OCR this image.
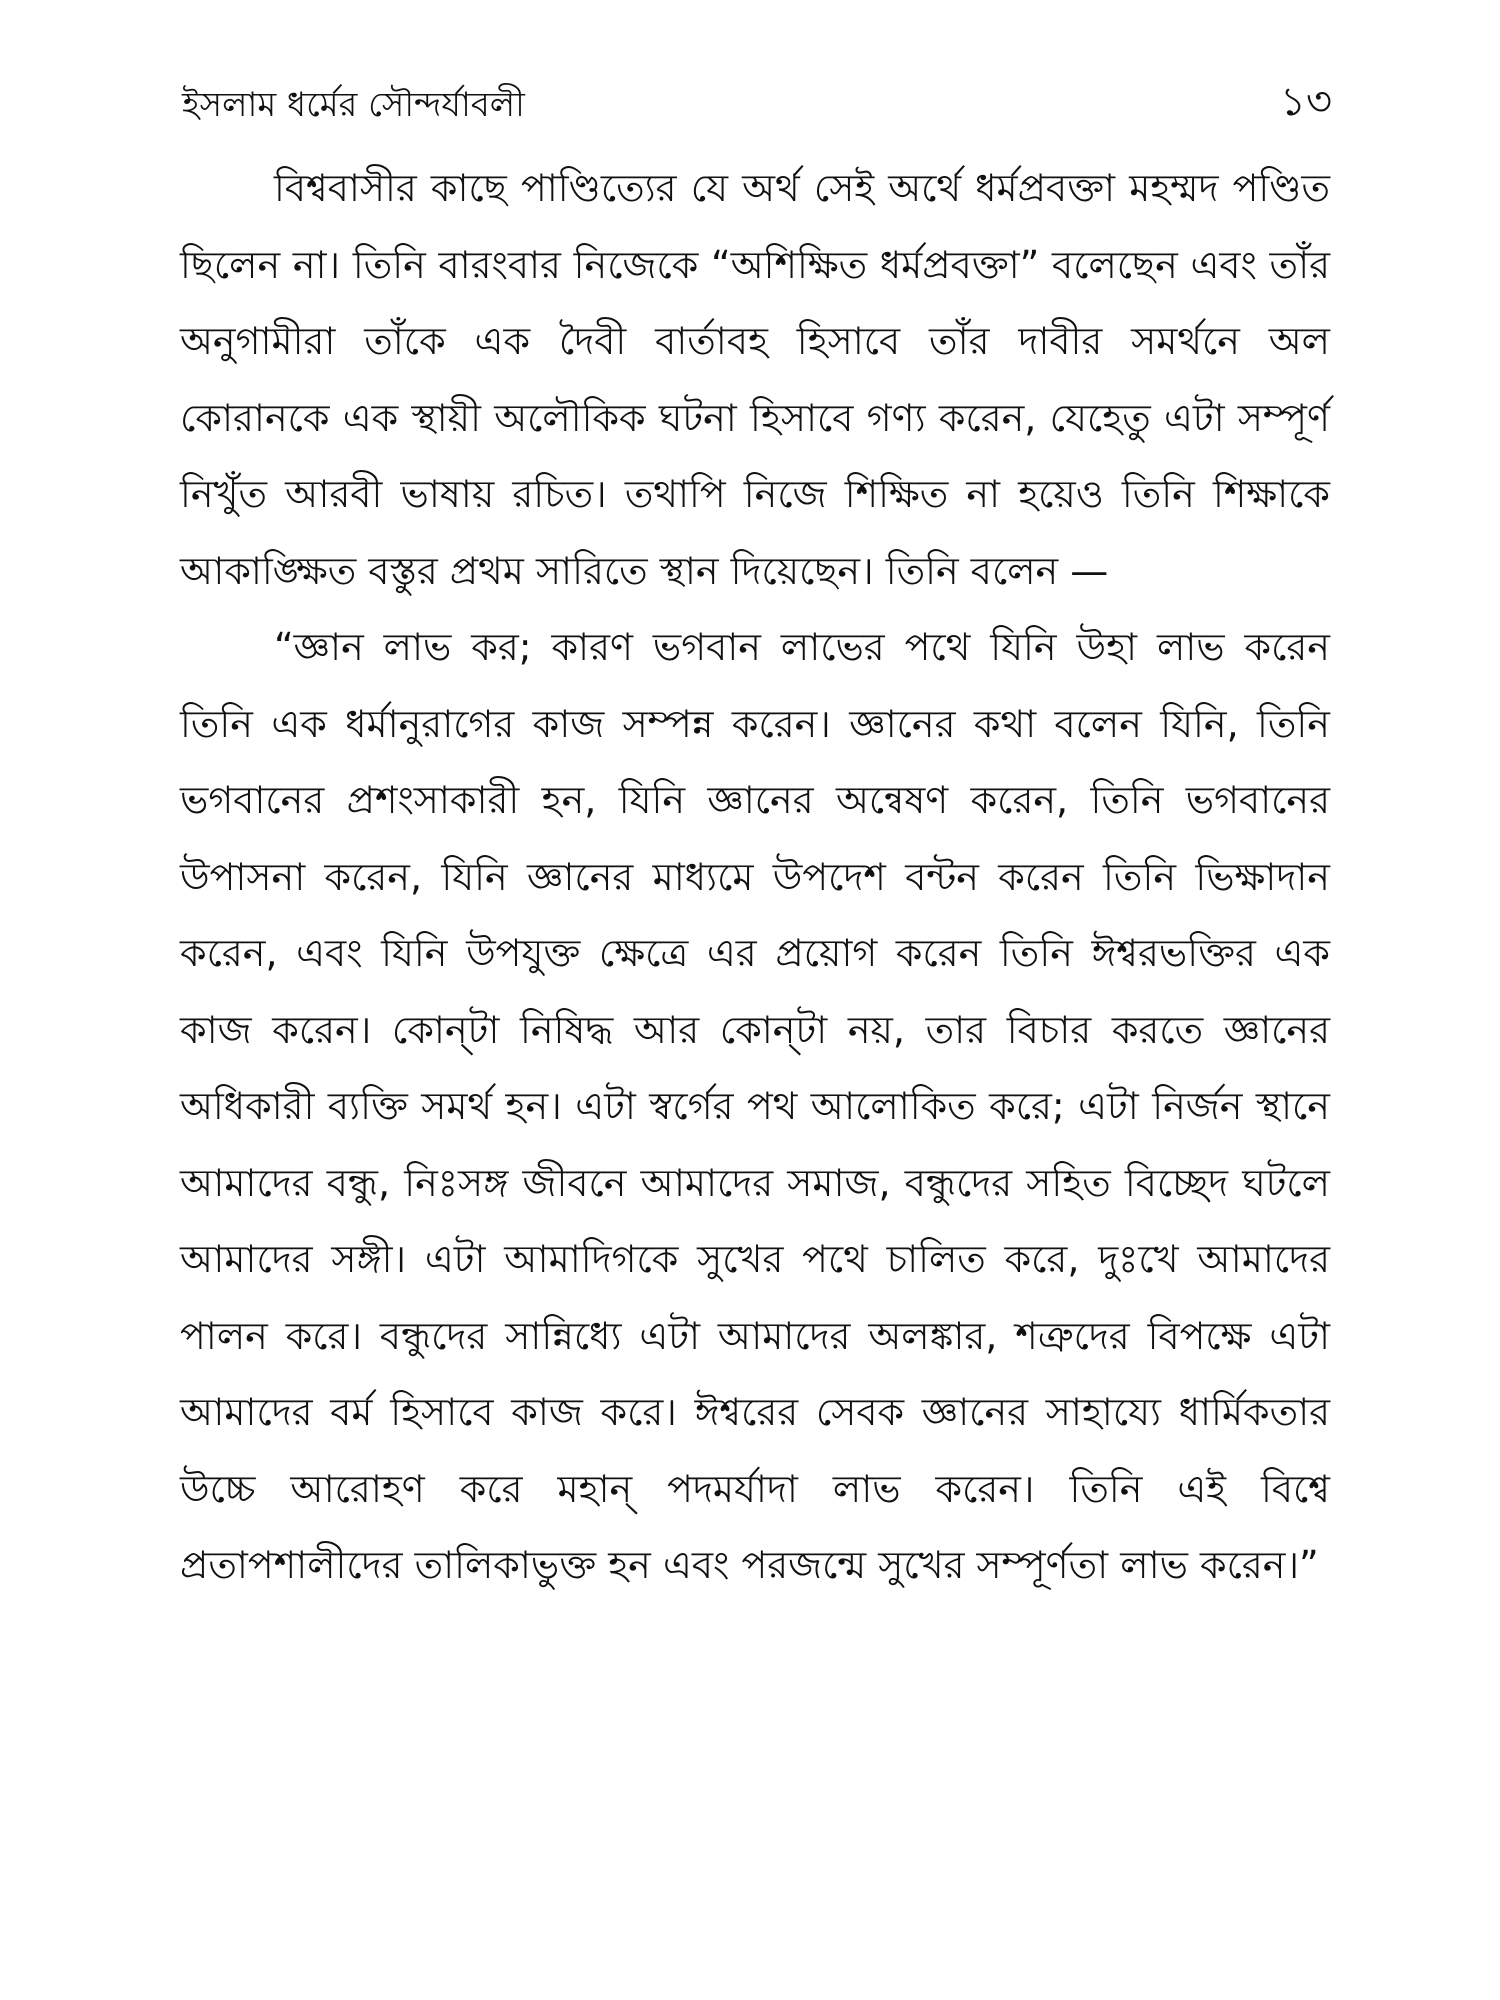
ইসলাম ধর্মের সৌন্দর্যাবলী	১৩

বিশ্ববাসীর কাছে পাণ্ডিত্যের যে অর্থ সেই অর্থে ধর্মপ্রবক্তা মহম্মদ পণ্ডিত ছিলেন না। তিনি বারংবার নিজেকে “অশিক্ষিত ধর্মপ্রবক্তা” বলেছেন এবং তাঁর অনুগামীরা তাঁকে এক দৈবী বার্তাবহ হিসাবে তাঁর দাবীর সমর্থনে অল কোরানকে এক স্থায়ী অলৌকিক ঘটনা হিসাবে গণ্য করেন, যেহেতু এটা সম্পূর্ণ নিখুঁত আরবী ভাষায় রচিত। তথাপি নিজে শিক্ষিত না হয়েও তিনি শিক্ষাকে আকাঙ্ক্ষিত বস্তুর প্রথম সারিতে স্থান দিয়েছেন। তিনি বলেন —

“জ্ঞান লাভ কর; কারণ ভগবান লাভের পথে যিনি উহা লাভ করেন তিনি এক ধর্মানুরাগের কাজ সম্পন্ন করেন। জ্ঞানের কথা বলেন যিনি, তিনি ভগবানের প্রশংসাকারী হন, যিনি জ্ঞানের অন্বেষণ করেন, তিনি ভগবানের উপাসনা করেন, যিনি জ্ঞানের মাধ্যমে উপদেশ বন্টন করেন তিনি ভিক্ষাদান করেন, এবং যিনি উপযুক্ত ক্ষেত্রে এর প্রয়োগ করেন তিনি ঈশ্বরভক্তির এক কাজ করেন। কোন্‌টা নিষিদ্ধ আর কোন্‌টা নয়, তার বিচার করতে জ্ঞানের অধিকারী ব্যক্তি সমর্থ হন। এটা স্বর্গের পথ আলোকিত করে; এটা নির্জন স্থানে আমাদের বন্ধু, নিঃসঙ্গ জীবনে আমাদের সমাজ, বন্ধুদের সহিত বিচ্ছেদ ঘটলে আমাদের সঙ্গী। এটা আমাদিগকে সুখের পথে চালিত করে, দুঃখে আমাদের পালন করে। বন্ধুদের সান্নিধ্যে এটা আমাদের অলঙ্কার, শত্রুদের বিপক্ষে এটা আমাদের বর্ম হিসাবে কাজ করে। ঈশ্বরের সেবক জ্ঞানের সাহায্যে ধার্মিকতার উচ্চে আরোহণ করে মহান্‌ পদমর্যাদা লাভ করেন। তিনি এই বিশ্বে প্রতাপশালীদের তালিকাভুক্ত হন এবং পরজন্মে সুখের সম্পূর্ণতা লাভ করেন।”
